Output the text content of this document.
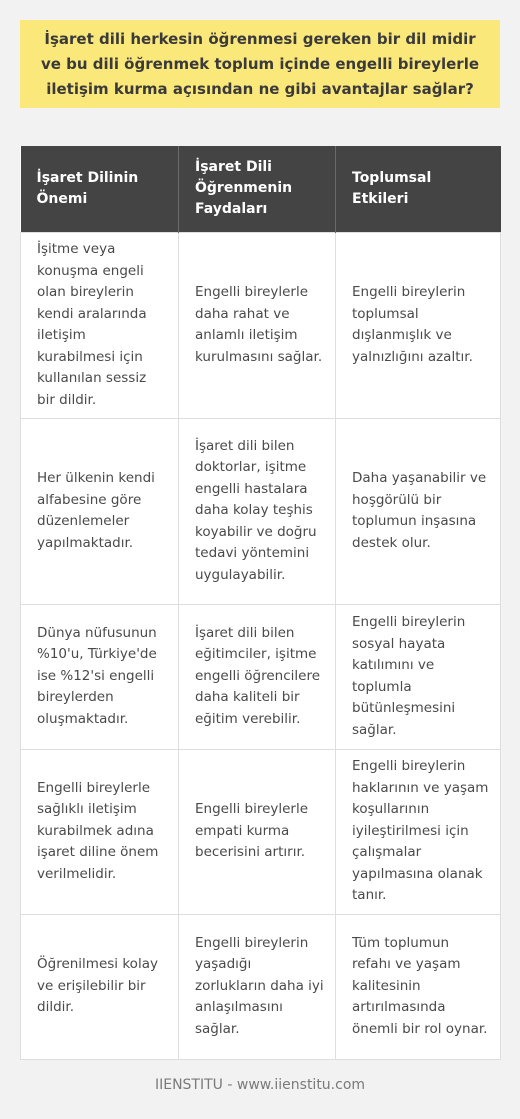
İşaret dili herkesin öğrenmesi gereken bir dil midir ve bu dili öğrenmek toplum içinde engelli bireylerle iletişim kurma açısından ne gibi avantajlar sağlar?
İşaret Dilinin Önemi	İşaret Dili Öğrenmenin Faydaları	Toplumsal Etkileri
İşitme veya konuşma engeli olan bireylerin kendi aralarında iletişim kurabilmesi için kullanılan sessiz bir dildir.	Engelli bireylerle daha rahat ve anlamlı iletişim kurulmasını sağlar.	Engelli bireylerin toplumsal dışlanmışlık ve yalnızlığını azaltır.
Her ülkenin kendi alfabesine göre düzenlemeler yapılmaktadır.	İşaret dili bilen doktorlar, işitme engelli hastalara daha kolay teşhis koyabilir ve doğru tedavi yöntemini uygulayabilir.	Daha yaşanabilir ve hoşgörülü bir toplumun inşasına destek olur.
Dünya nüfusunun %10'u, Türkiye'de ise %12'si engelli bireylerden oluşmaktadır.	İşaret dili bilen eğitimciler, işitme engelli öğrencilere daha kaliteli bir eğitim verebilir.	Engelli bireylerin sosyal hayata katılımını ve toplumla bütünleşmesini sağlar.
Engelli bireylerle sağlıklı iletişim kurabilmek adına işaret diline önem verilmelidir.	Engelli bireylerle empati kurma becerisini artırır.	Engelli bireylerin haklarının ve yaşam koşullarının iyileştirilmesi için çalışmalar yapılmasına olanak tanır.
Öğrenilmesi kolay ve erişilebilir bir dildir.	Engelli bireylerin yaşadığı zorlukların daha iyi anlaşılmasını sağlar.	Tüm toplumun refahı ve yaşam kalitesinin artırılmasında önemli bir rol oynar.
IIENSTITU - www.iienstitu.com
